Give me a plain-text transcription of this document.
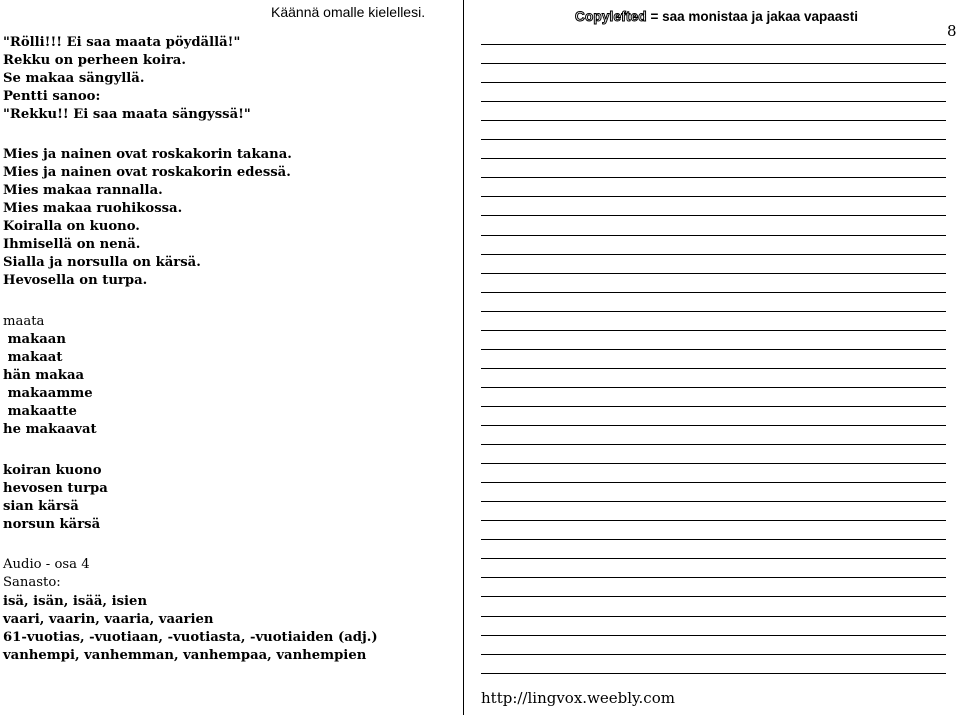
Käännä omalle kielellesi.	Copylefted = saa monistaa ja jakaa vapaasti
8
"Rölli!!! Ei saa maata pöydällä!"
Rekku on perheen koira.
Se makaa sängyllä.
Pentti sanoo:
"Rekku!! Ei saa maata sängyssä!"
Mies ja nainen ovat roskakorin takana.
Mies ja nainen ovat roskakorin edessä.
Mies makaa rannalla.
Mies makaa ruohikossa.
Koiralla on kuono.
Ihmisellä on nenä.
Sialla ja norsulla on kärsä.
Hevosella on turpa.
maata
makaan
makaat
hän makaa
makaamme
makaatte
he makaavat
koiran kuono
hevosen turpa
sian kärsä
norsun kärsä
Audio - osa 4
Sanasto:
isä, isän, isää, isien
vaari, vaarin, vaaria, vaarien
61-vuotias, -vuotiaan, -vuotiasta, -vuotiaiden (adj.)
vanhempi, vanhemman, vanhempaa, vanhempien
http://lingvox.weebly.com
